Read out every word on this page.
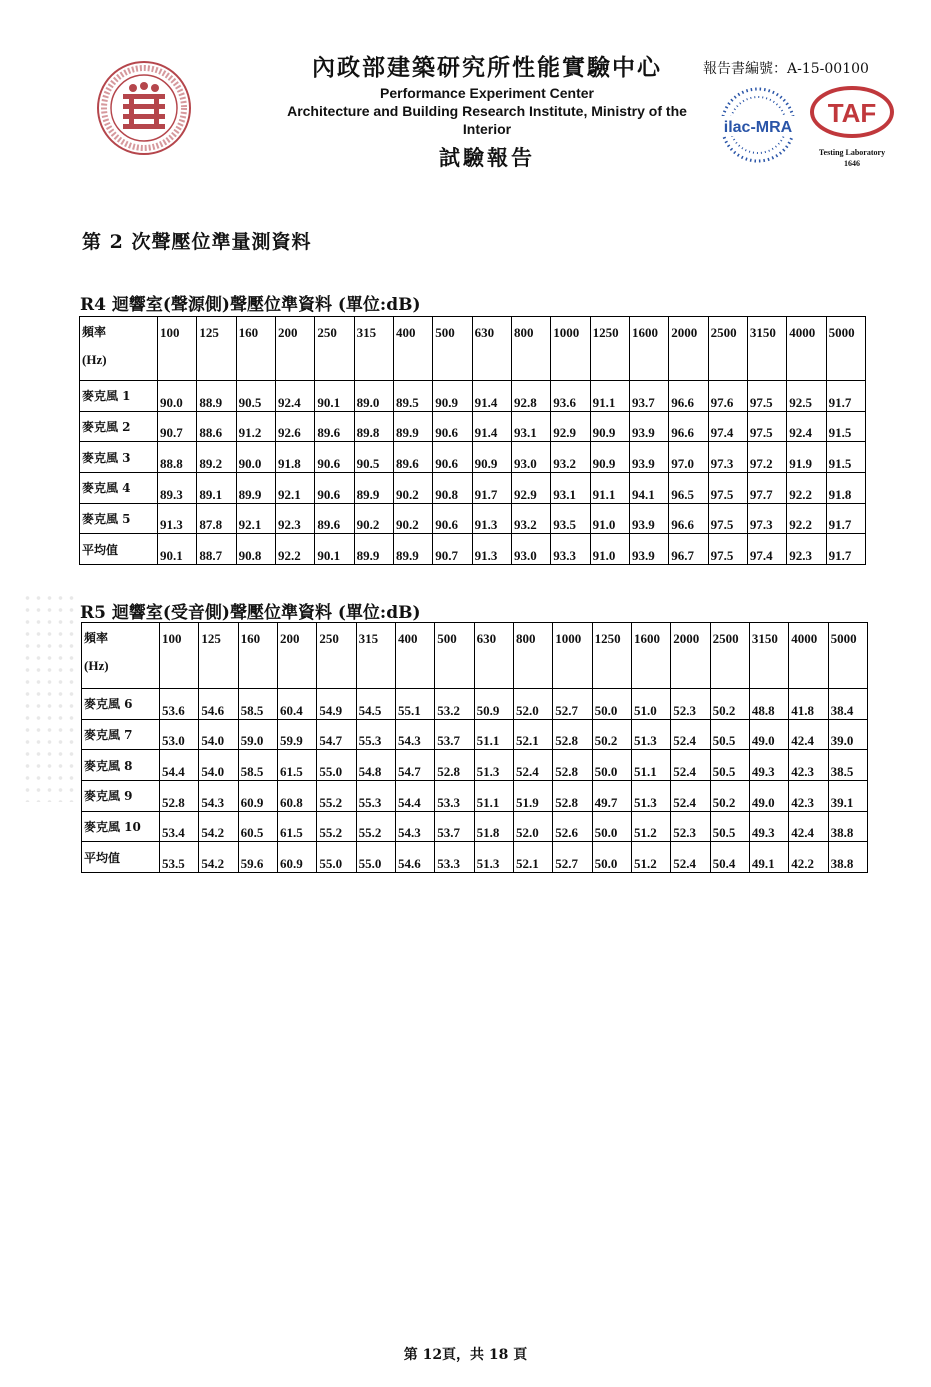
內政部建築研究所性能實驗中心
Performance Experiment Center
Architecture and Building Research Institute, Ministry of the Interior
試驗報告
報告書編號：A-15-00100
ilac-MRA TAF
Testing Laboratory
1646
第 2 次聲壓位準量測資料
R4 迴響室(聲源側)聲壓位準資料 (單位:dB)
頻率
(Hz)	100	125	160	200	250	315	400	500	630	800	1000	1250	1600	2000	2500	3150	4000	5000
麥克風 1	90.0	88.9	90.5	92.4	90.1	89.0	89.5	90.9	91.4	92.8	93.6	91.1	93.7	96.6	97.6	97.5	92.5	91.7
麥克風 2	90.7	88.6	91.2	92.6	89.6	89.8	89.9	90.6	91.4	93.1	92.9	90.9	93.9	96.6	97.4	97.5	92.4	91.5
麥克風 3	88.8	89.2	90.0	91.8	90.6	90.5	89.6	90.6	90.9	93.0	93.2	90.9	93.9	97.0	97.3	97.2	91.9	91.5
麥克風 4	89.3	89.1	89.9	92.1	90.6	89.9	90.2	90.8	91.7	92.9	93.1	91.1	94.1	96.5	97.5	97.7	92.2	91.8
麥克風 5	91.3	87.8	92.1	92.3	89.6	90.2	90.2	90.6	91.3	93.2	93.5	91.0	93.9	96.6	97.5	97.3	92.2	91.7
平均值	90.1	88.7	90.8	92.2	90.1	89.9	89.9	90.7	91.3	93.0	93.3	91.0	93.9	96.7	97.5	97.4	92.3	91.7
R5 迴響室(受音側)聲壓位準資料 (單位:dB)
頻率
(Hz)	100	125	160	200	250	315	400	500	630	800	1000	1250	1600	2000	2500	3150	4000	5000
麥克風 6	53.6	54.6	58.5	60.4	54.9	54.5	55.1	53.2	50.9	52.0	52.7	50.0	51.0	52.3	50.2	48.8	41.8	38.4
麥克風 7	53.0	54.0	59.0	59.9	54.7	55.3	54.3	53.7	51.1	52.1	52.8	50.2	51.3	52.4	50.5	49.0	42.4	39.0
麥克風 8	54.4	54.0	58.5	61.5	55.0	54.8	54.7	52.8	51.3	52.4	52.8	50.0	51.1	52.4	50.5	49.3	42.3	38.5
麥克風 9	52.8	54.3	60.9	60.8	55.2	55.3	54.4	53.3	51.1	51.9	52.8	49.7	51.3	52.4	50.2	49.0	42.3	39.1
麥克風 10	53.4	54.2	60.5	61.5	55.2	55.2	54.3	53.7	51.8	52.0	52.6	50.0	51.2	52.3	50.5	49.3	42.4	38.8
平均值	53.5	54.2	59.6	60.9	55.0	55.0	54.6	53.3	51.3	52.1	52.7	50.0	51.2	52.4	50.4	49.1	42.2	38.8
第 12頁，共 18 頁
